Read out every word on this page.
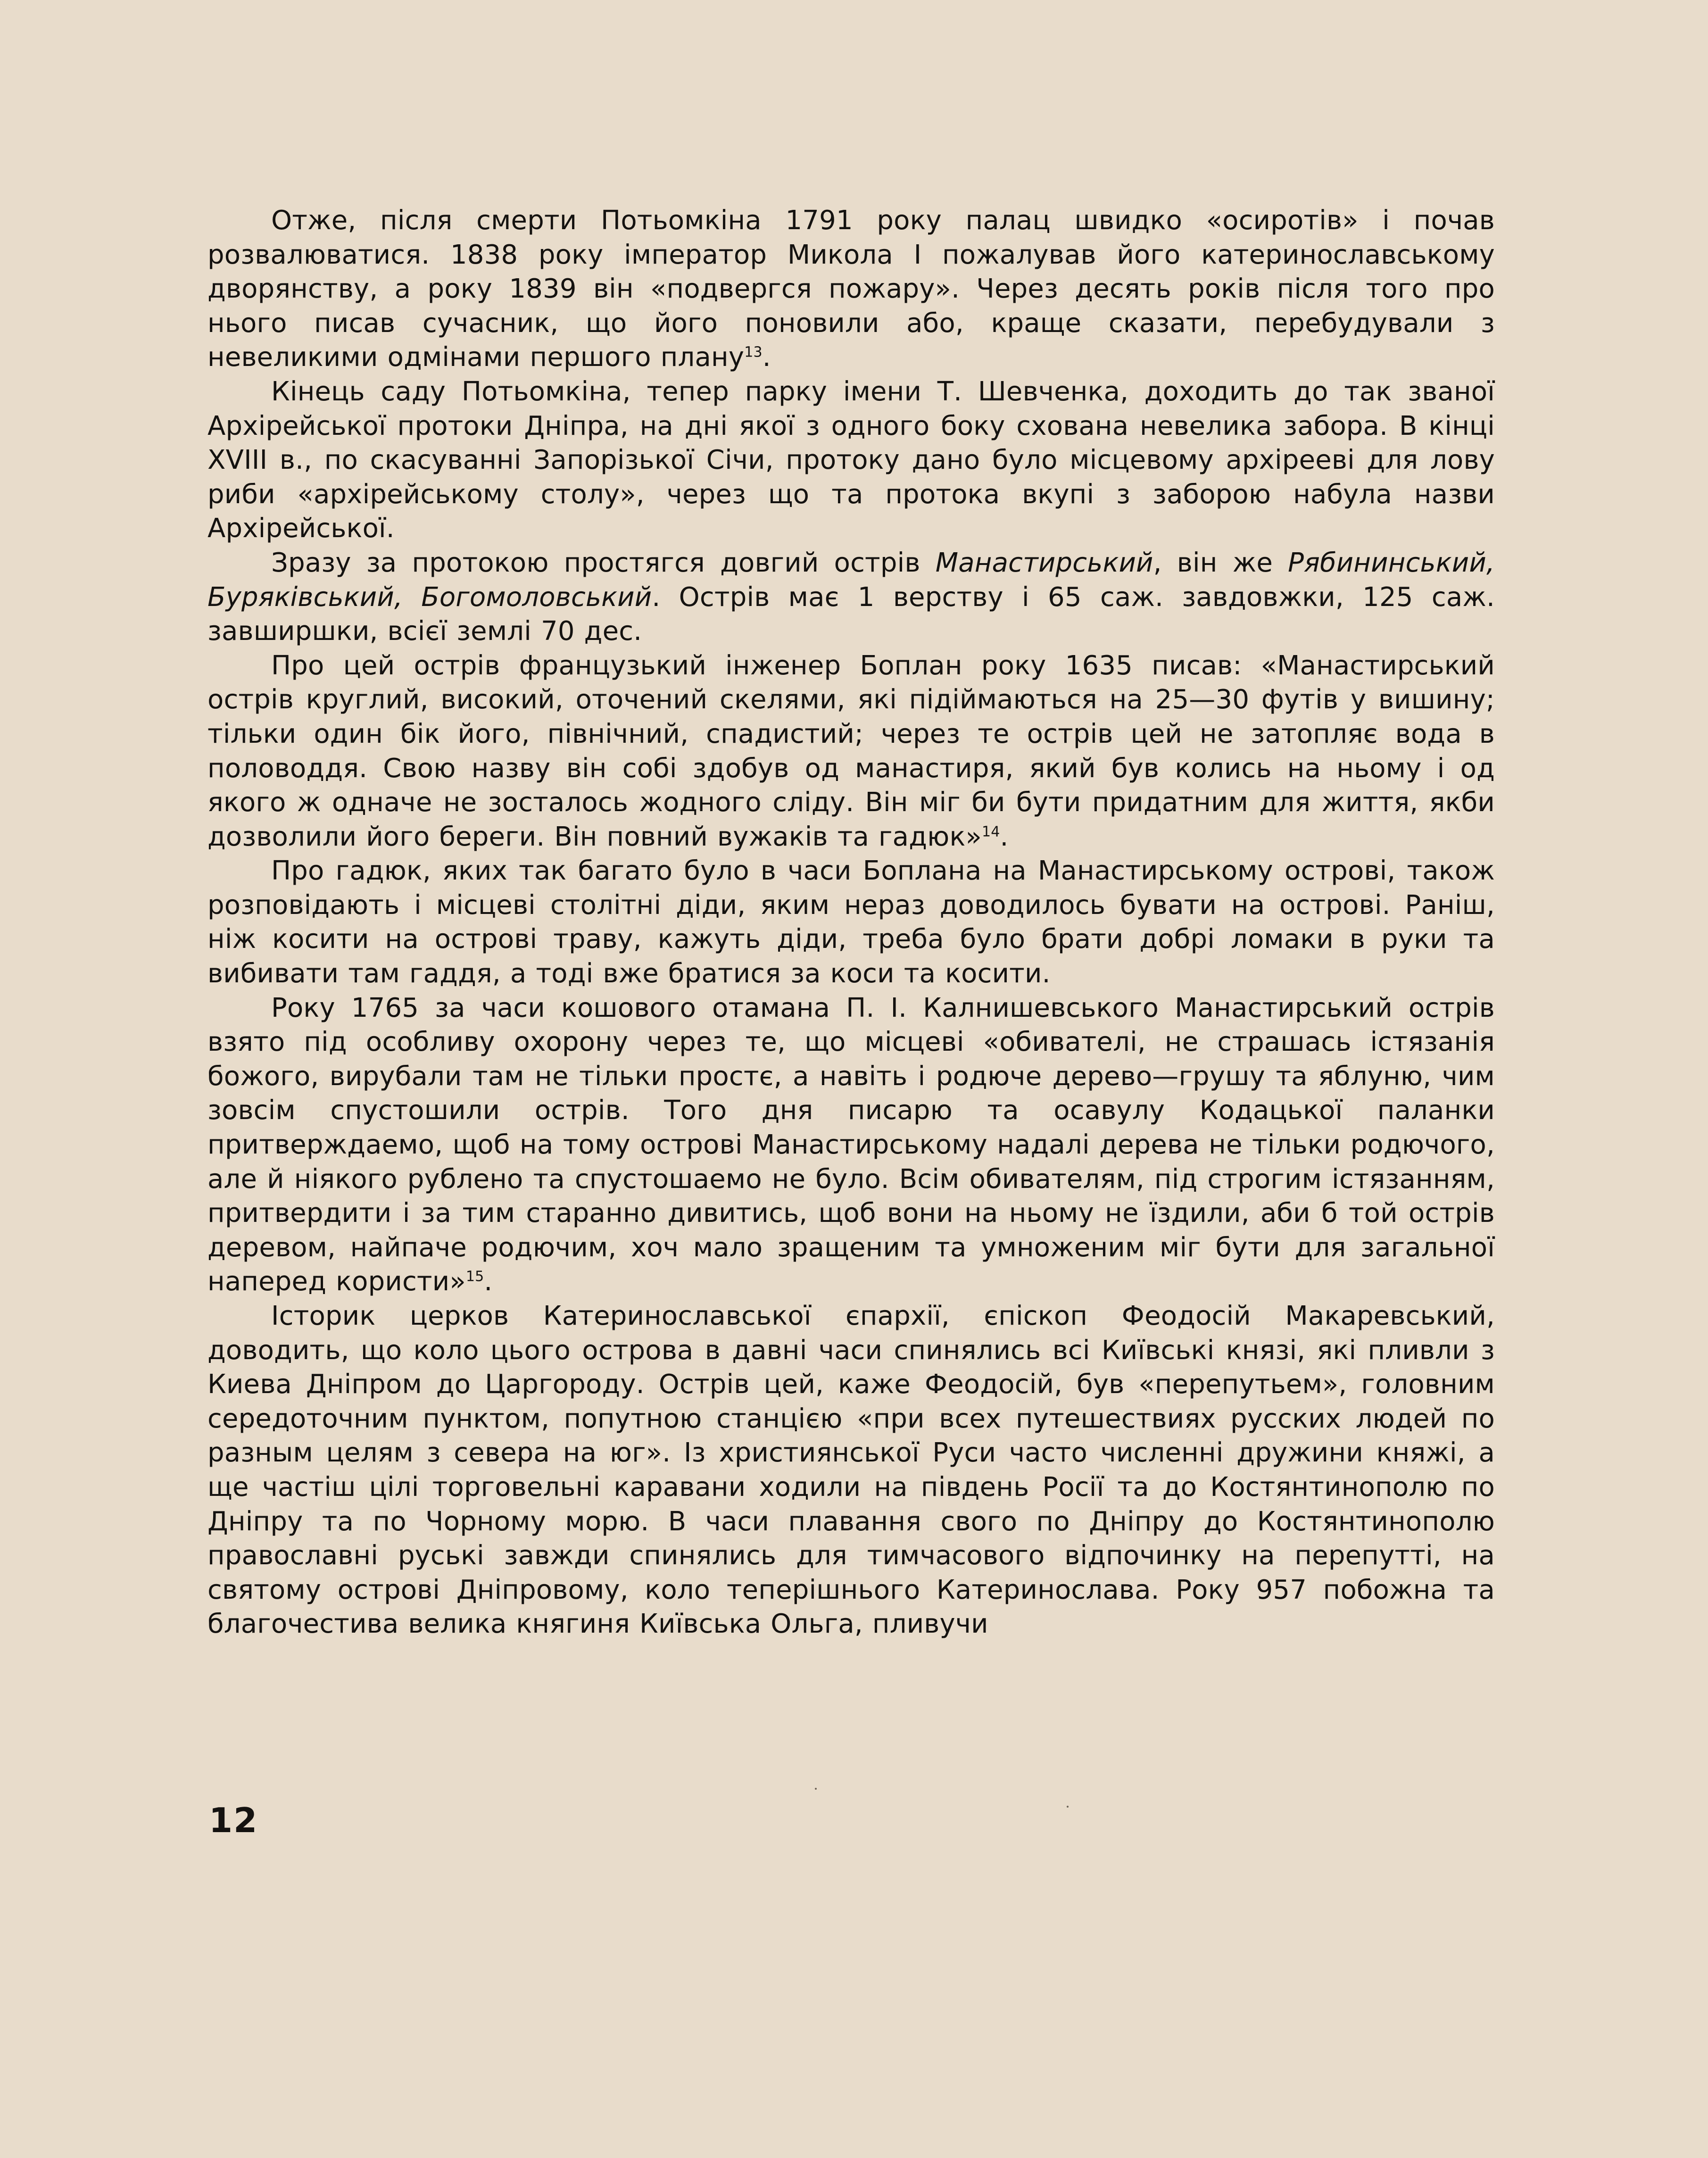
Отже, після смерти Потьомкіна 1791 року палац швидко «осиротів» і почав розвалюватися. 1838 року імператор Микола I пожалував його катеринославському дворянству, а року 1839 він «подвергся пожару». Через десять років після того про нього писав сучасник, що його поновили або, краще сказати, перебудували з невеликими одмінами першого плану$^{13}$.

Кінець саду Потьомкіна, тепер парку імени Т. Шевченка, доходить до так званої Архірейської протоки Дніпра, на дні якої з одного боку схована невелика забора. В кінці XVIII в., по скасуванні Запорізької Січи, протоку дано було місцевому архірееві для лову риби «архірейському столу», через що та протока вкупі з заборою набула назви Архірейської.

Зразу за протокою простягся довгий острів Манастирський, він же Рябининський, Буряківський, Богомоловський. Острів має 1 верству і 65 саж. завдовжки, 125 саж. завширшки, всієї землі 70 дес.

Про цей острів французький інженер Боплан року 1635 писав: «Манастирський острів круглий, високий, оточений скелями, які підіймаються на 25—30 футів у вишину; тільки один бік його, північний, спадистий; через те острів цей не затопляє вода в половоддя. Свою назву він собі здобув од манастиря, який був колись на ньому і од якого ж одначе не зосталось жодного сліду. Він міг би бути придатним для життя, якби дозволили його береги. Він повний вужаків та гадюк»$^{14}$.

Про гадюк, яких так багато було в часи Боплана на Манастирському острові, також розповідають і місцеві столітні діди, яким нераз доводилось бувати на острові. Раніш, ніж косити на острові траву, кажуть діди, треба було брати добрі ломаки в руки та вибивати там гаддя, а тоді вже братися за коси та косити.

Року 1765 за часи кошового отамана П. І. Калнишевського Манастирський острів взято під особливу охорону через те, що місцеві «обивателі, не страшась істязанія божого, вирубали там не тільки простє, а навіть і родюче дерево—грушу та яблуню, чим зовсім спустошили острів. Того дня писарю та осавулу Кодацької паланки притверждаемо, щоб на тому острові Манастирському надалі дерева не тільки родючого, але й ніякого рублено та спустошаемо не було. Всім обивателям, під строгим істязанням, притвердити і за тим старанно дивитись, щоб вони на ньому не їздили, аби б той острів деревом, найпаче родючим, хоч мало зращеним та умноженим міг бути для загальної наперед користи»$^{15}$.

Історик церков Катеринославської єпархії, єпіскоп Феодосій Макаревський, доводить, що коло цього острова в давні часи спинялись всі Київські князі, які пливли з Киева Дніпром до Царгороду. Острів цей, каже Феодосій, був «перепутьем», головним середоточним пунктом, попутною станцією «при всех путешествиях русских людей по разным целям з севера на юг». Із християнської Руси часто численні дружини княжі, а ще частіш цілі торговельні каравани ходили на південь Росії та до Костянтинополю по Дніпру та по Чорному морю. В часи плавання свого по Дніпру до Костянтинополю православні руські завжди спинялись для тимчасового відпочинку на перепутті, на святому острові Дніпровому, коло теперішнього Катеринослава. Року 957 побожна та благочестива велика княгиня Київська Ольга, пливучи

12
